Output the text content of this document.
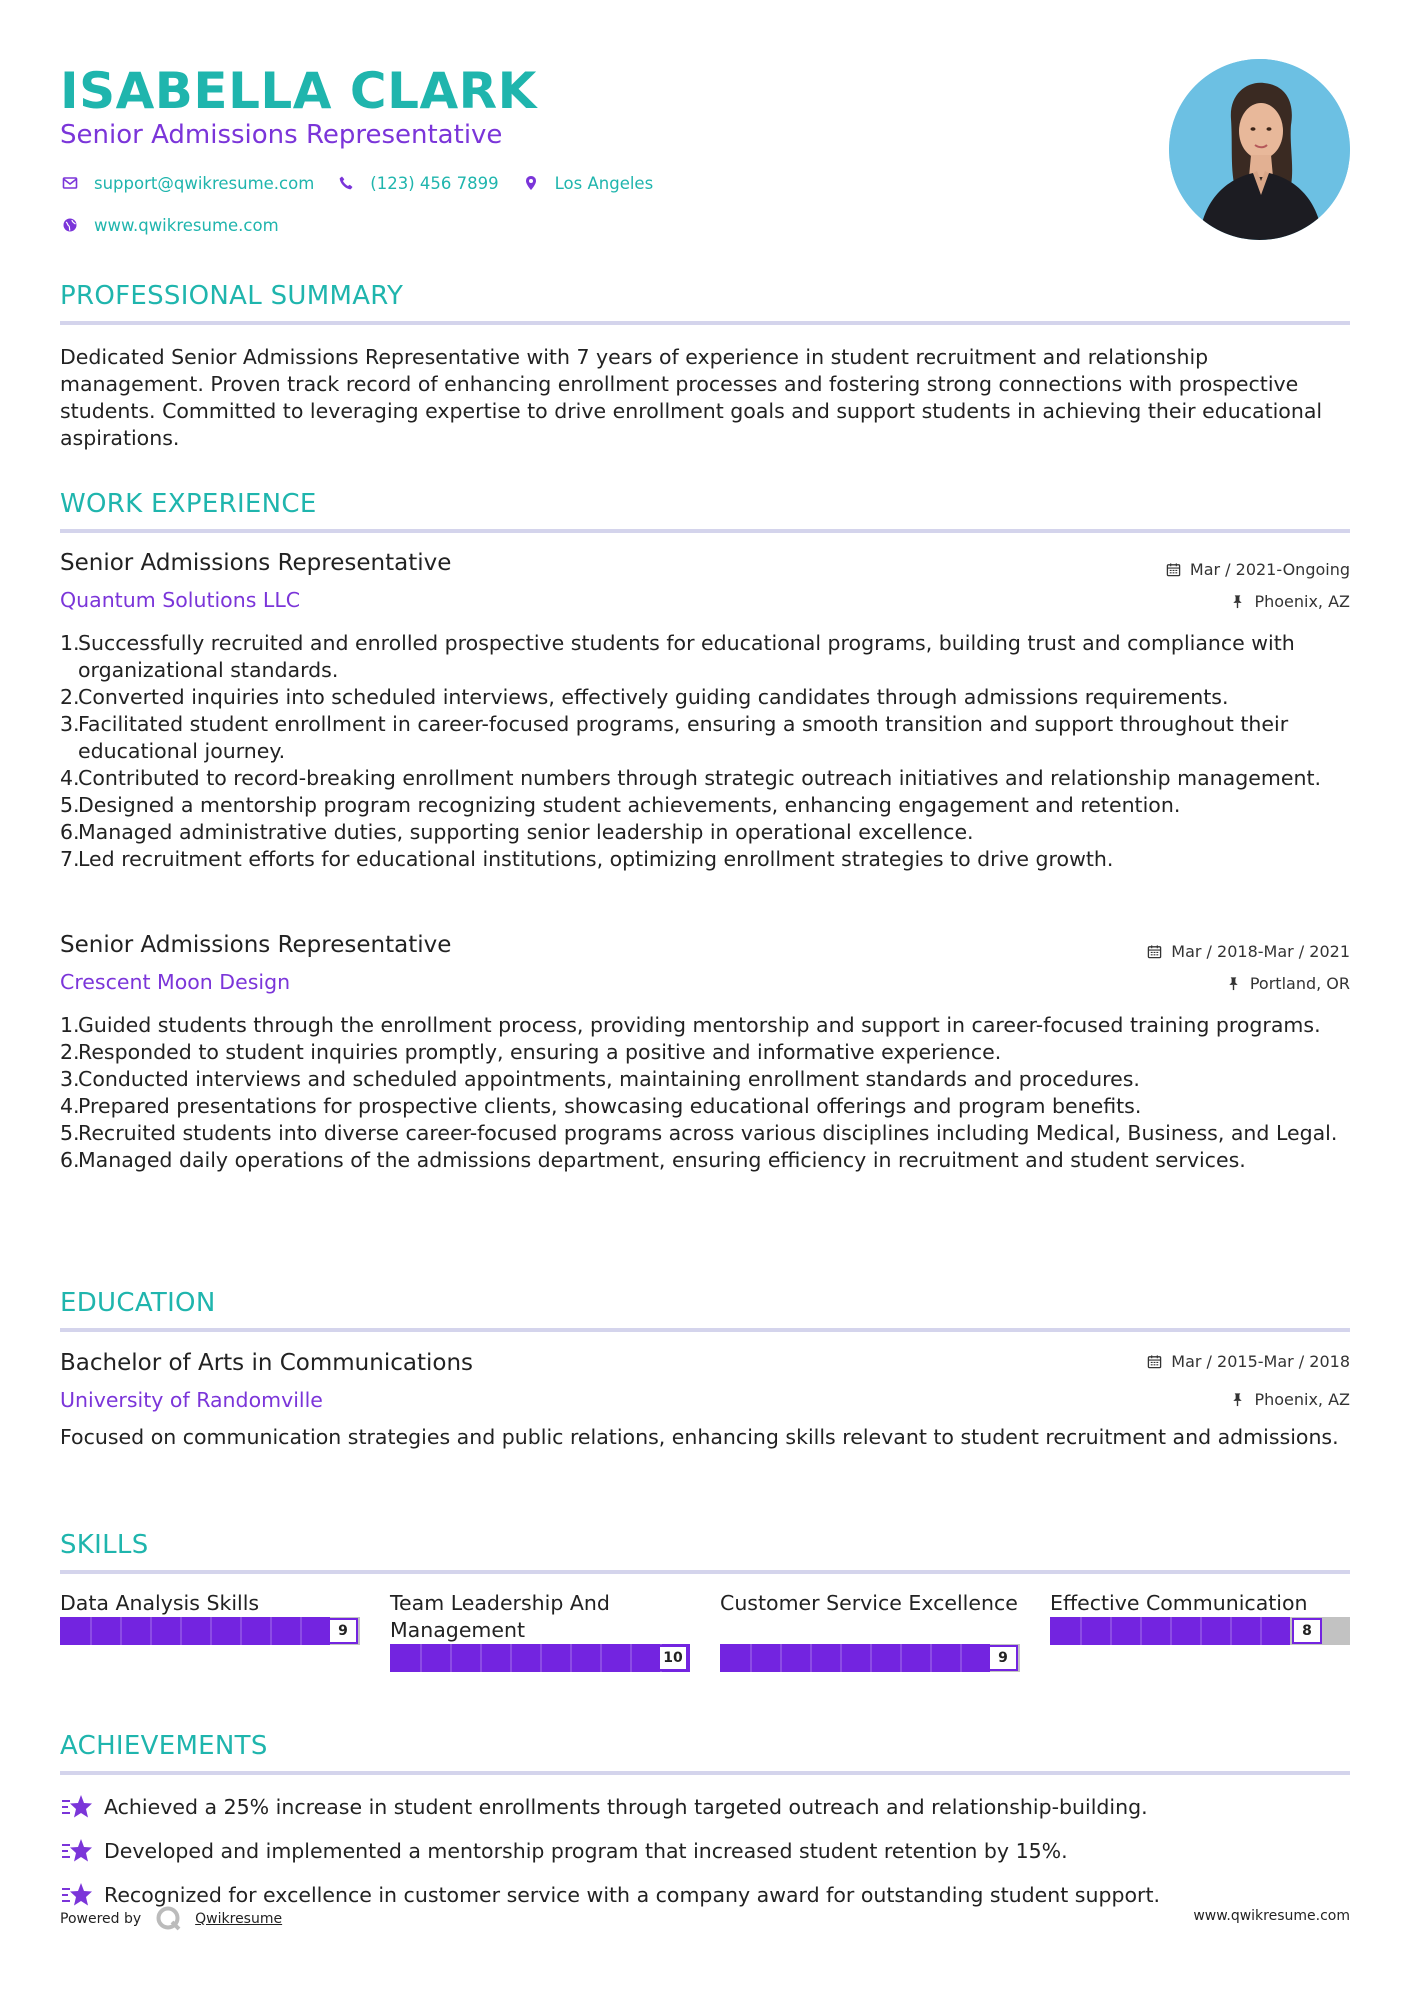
ISABELLA CLARK
Senior Admissions Representative
support@qwikresume.com	(123) 456 7899	Los Angeles
www.qwikresume.com
PROFESSIONAL SUMMARY
Dedicated Senior Admissions Representative with 7 years of experience in student recruitment and relationship management. Proven track record of enhancing enrollment processes and fostering strong connections with prospective students. Committed to leveraging expertise to drive enrollment goals and support students in achieving their educational aspirations.
WORK EXPERIENCE
Senior Admissions Representative
Quantum Solutions LLC
Mar / 2021-Ongoing
Phoenix, AZ
1.
Successfully recruited and enrolled prospective students for educational programs, building trust and compliance with organizational standards.
2.
Converted inquiries into scheduled interviews, effectively guiding candidates through admissions requirements.
3.
Facilitated student enrollment in career-focused programs, ensuring a smooth transition and support throughout their educational journey.
4.
Contributed to record-breaking enrollment numbers through strategic outreach initiatives and relationship management.
5.
Designed a mentorship program recognizing student achievements, enhancing engagement and retention.
6.
Managed administrative duties, supporting senior leadership in operational excellence.
7.
Led recruitment efforts for educational institutions, optimizing enrollment strategies to drive growth.
Senior Admissions Representative
Crescent Moon Design
Mar / 2018-Mar / 2021
Portland, OR
1.
Guided students through the enrollment process, providing mentorship and support in career-focused training programs.
2.
Responded to student inquiries promptly, ensuring a positive and informative experience.
3.
Conducted interviews and scheduled appointments, maintaining enrollment standards and procedures.
4.
Prepared presentations for prospective clients, showcasing educational offerings and program benefits.
5.
Recruited students into diverse career-focused programs across various disciplines including Medical, Business, and Legal.
6.
Managed daily operations of the admissions department, ensuring efficiency in recruitment and student services.
EDUCATION
Bachelor of Arts in Communications
University of Randomville
Mar / 2015-Mar / 2018
Phoenix, AZ
Focused on communication strategies and public relations, enhancing skills relevant to student recruitment and admissions.
SKILLS
Data Analysis Skills
9
Team Leadership And Management
10
Customer Service Excellence
9
Effective Communication
8
ACHIEVEMENTS
Achieved a 25% increase in student enrollments through targeted outreach and relationship-building.
Developed and implemented a mentorship program that increased student retention by 15%.
Recognized for excellence in customer service with a company award for outstanding student support.
Powered by	Qwikresume	www.qwikresume.com
